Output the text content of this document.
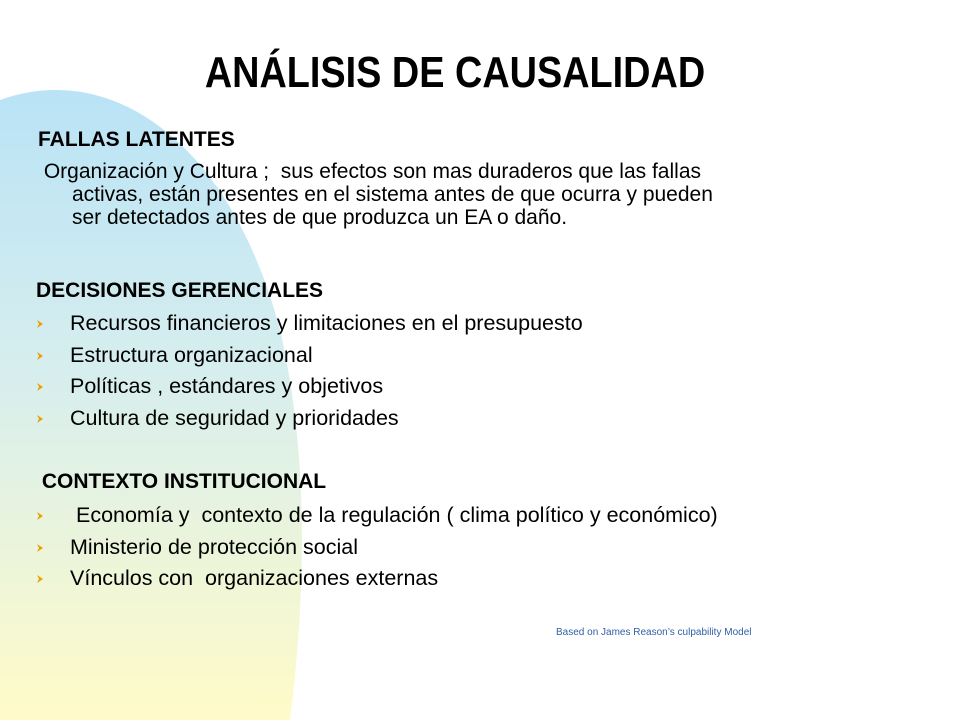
ANÁLISIS DE CAUSALIDAD
FALLAS LATENTES

Organización y Cultura ;  sus efectos son mas duraderos que las fallas
activas, están presentes en el sistema antes de que ocurra y pueden
ser detectados antes de que produzca un EA o daño.

DECISIONES GERENCIALES
Recursos financieros y limitaciones en el presupuesto
Estructura organizacional
Políticas , estándares y objetivos
Cultura de seguridad y prioridades
CONTEXTO INSTITUCIONAL
Economía y  contexto de la regulación ( clima político y económico)
Ministerio de protección social
Vínculos con  organizaciones externas
Based on James Reason’s culpability Model
